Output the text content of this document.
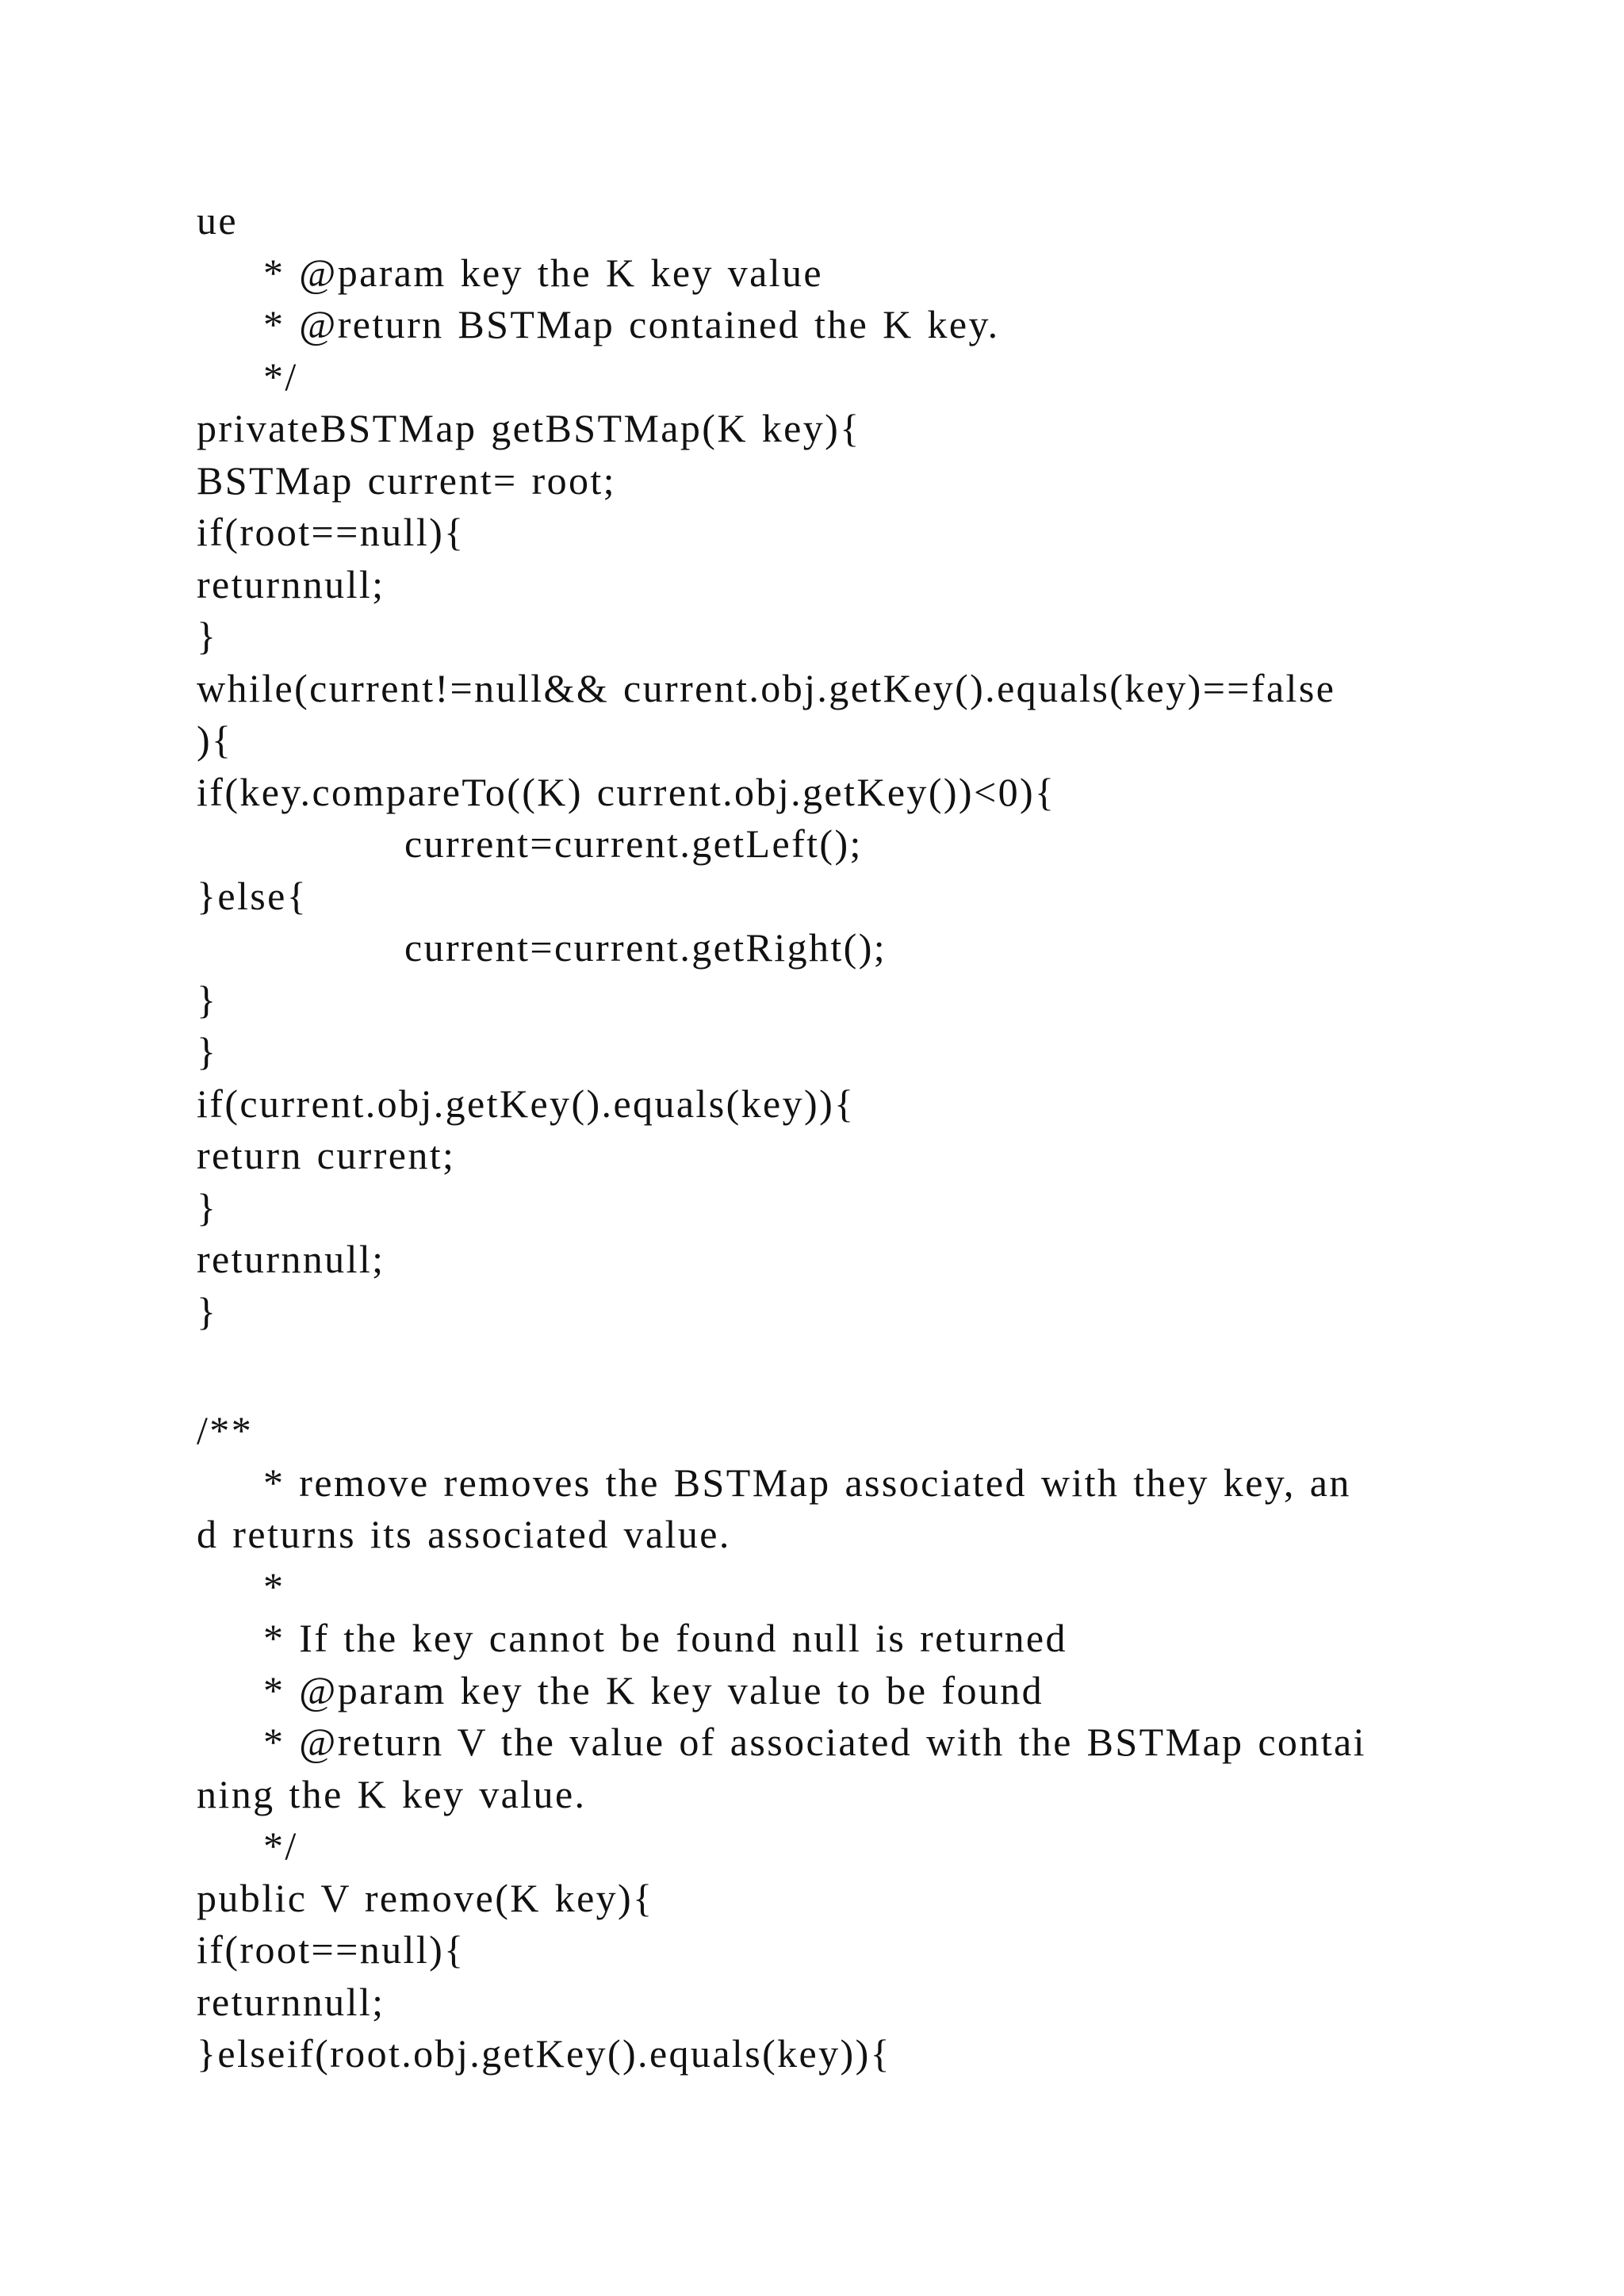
ue
* @param key the K key value
* @return BSTMap contained the K key.
*/
privateBSTMap getBSTMap(K key){
BSTMap current= root;
if(root==null){
returnnull;
}
while(current!=null&& current.obj.getKey().equals(key)==false
){
if(key.compareTo((K) current.obj.getKey())<0){
current=current.getLeft();
}else{
current=current.getRight();
}
}
if(current.obj.getKey().equals(key)){
return current;
}
returnnull;
}
/**
* remove removes the BSTMap associated with they key, an
d returns its associated value.
*
* If the key cannot be found null is returned
* @param key the K key value to be found
* @return V the value of associated with the BSTMap contai
ning the K key value.
*/
public V remove(K key){
if(root==null){
returnnull;
}elseif(root.obj.getKey().equals(key)){
